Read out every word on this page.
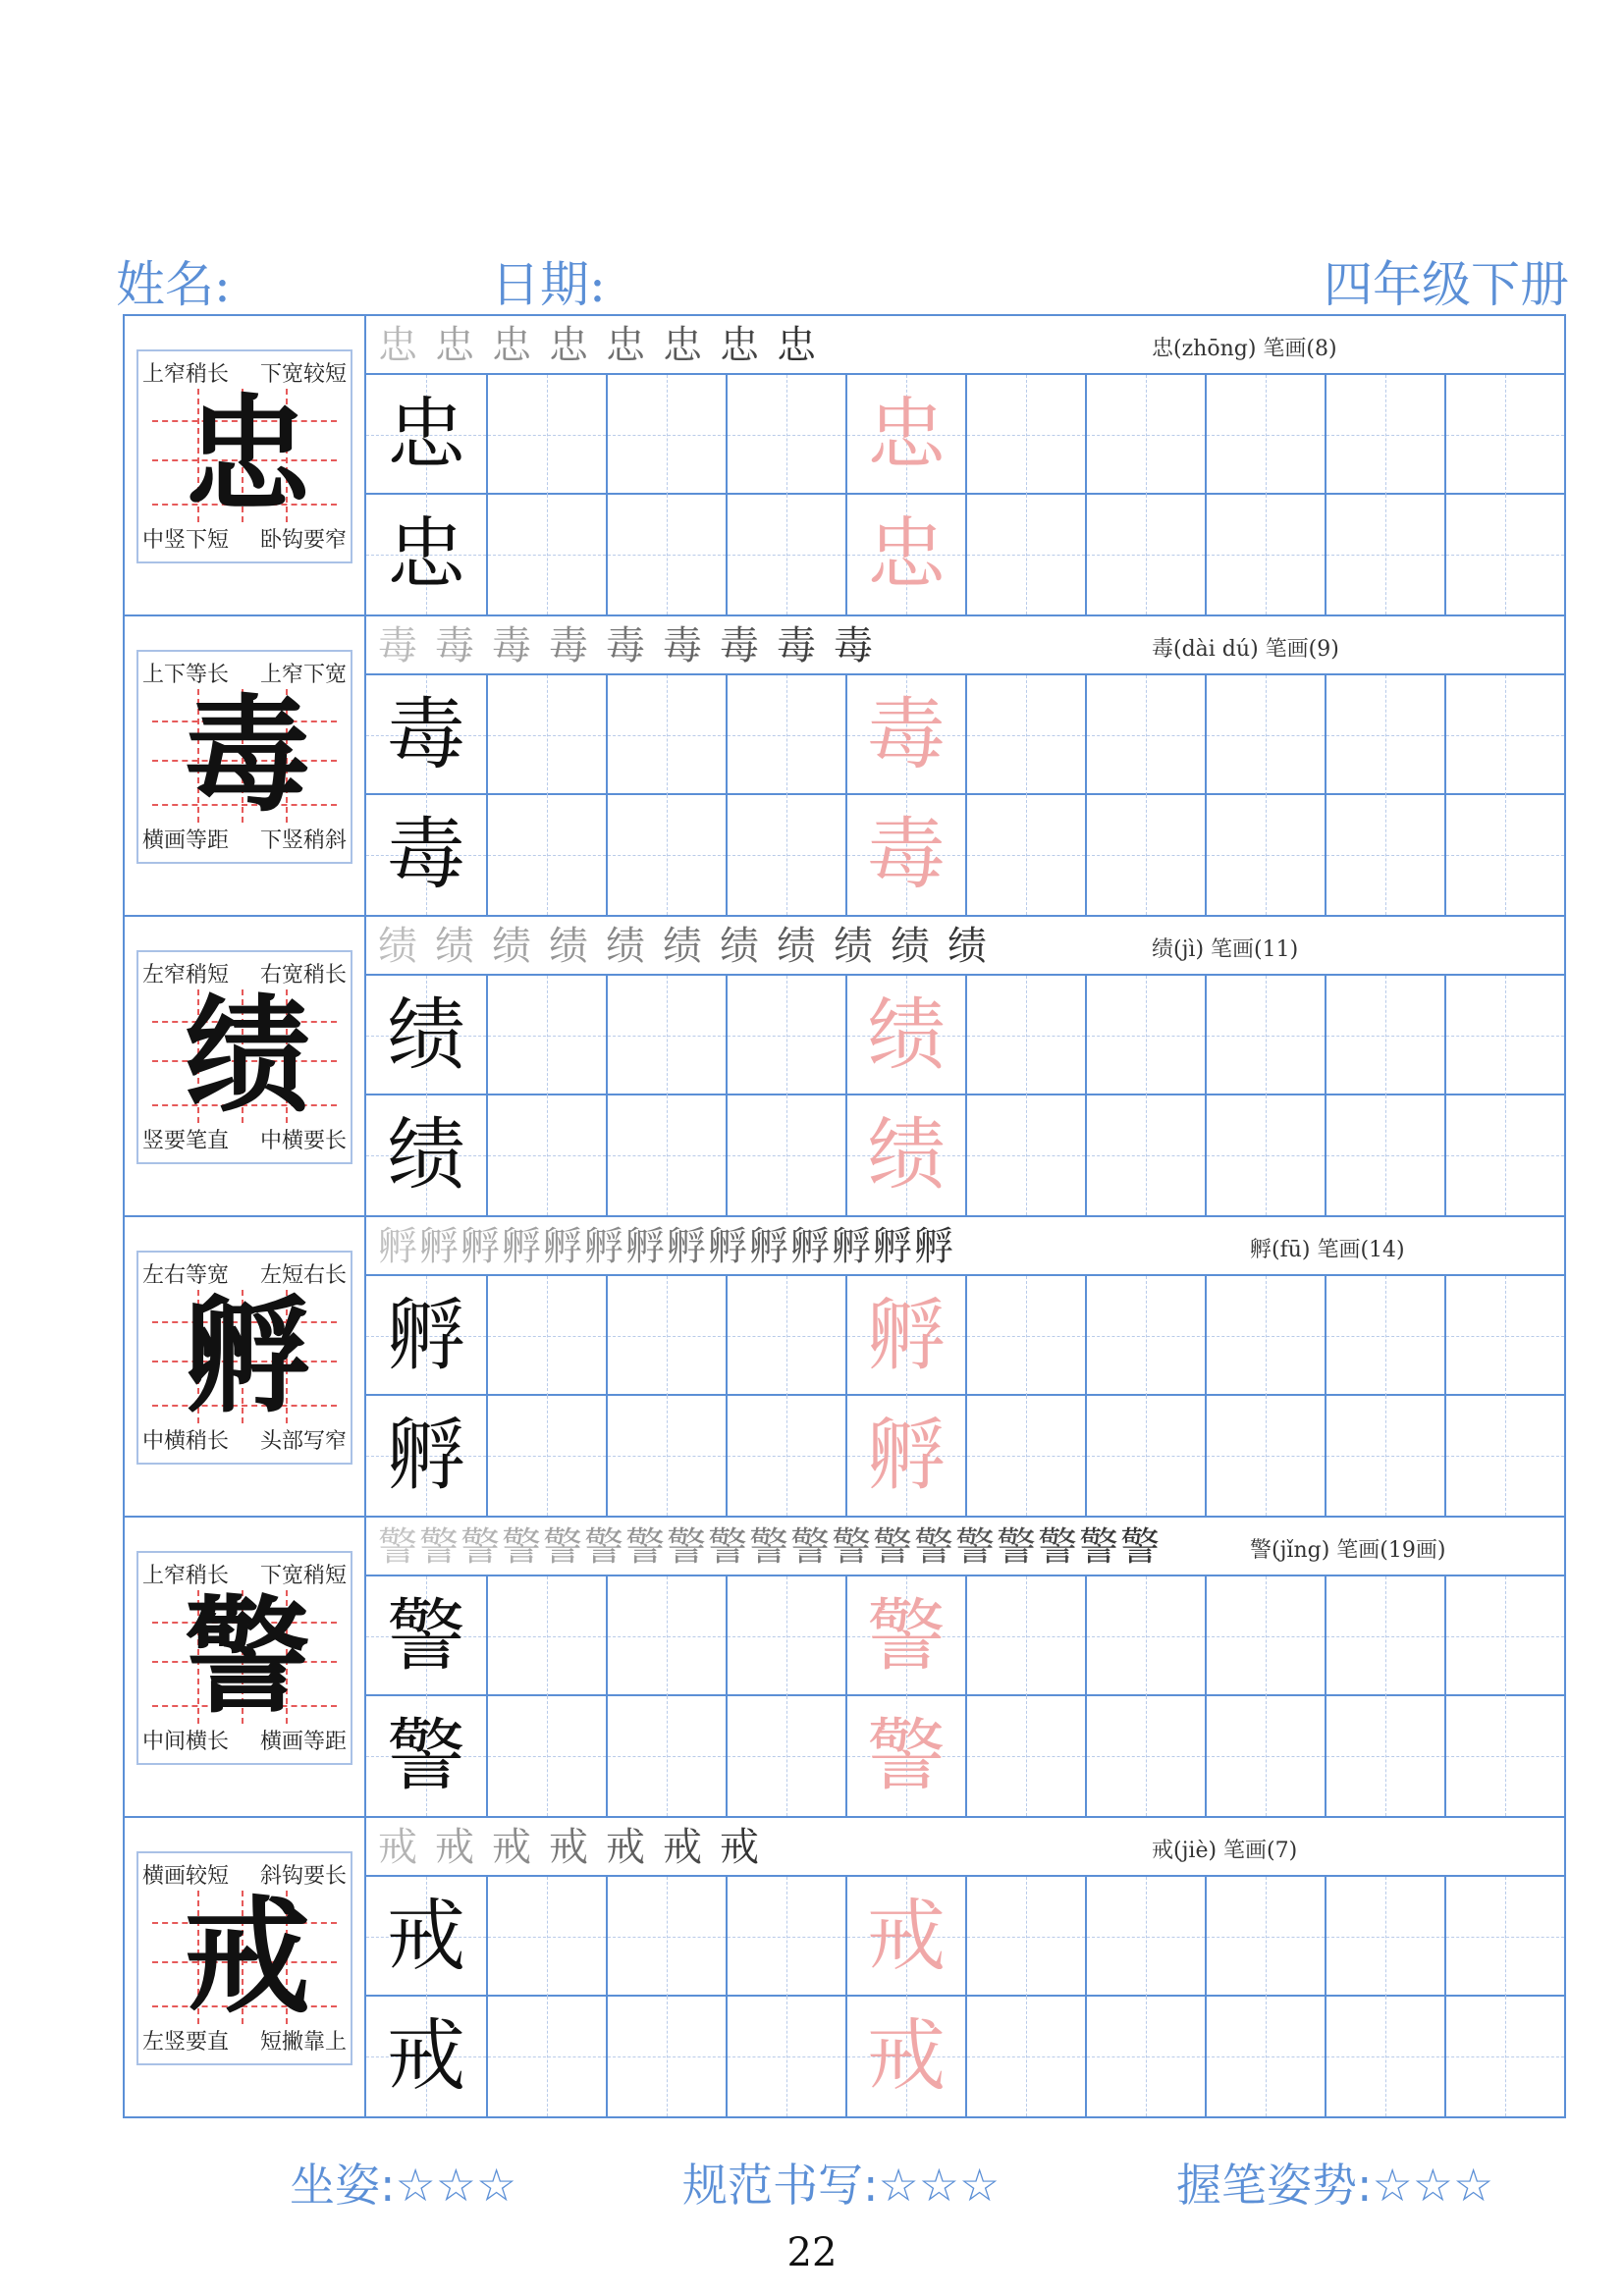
姓名:	日期:	四年级下册
上窄稍长 下宽较短
中竖下短 卧钩要窄
忠
忠 忠 忠 忠 忠 忠 忠 忠	忠(zhōng) 笔画(8)
忠	忠
忠	忠
上下等长 上窄下宽
横画等距 下竖稍斜
毒
毒 毒 毒 毒 毒 毒 毒 毒 毒	毒(dài dú) 笔画(9)
毒	毒
毒	毒
左窄稍短 右宽稍长
竖要笔直 中横要长
绩
绩 绩 绩 绩 绩 绩 绩 绩 绩 绩 绩	绩(jì) 笔画(11)
绩	绩
绩	绩
左右等宽 左短右长
中横稍长 头部写窄
孵
孵 孵 孵 孵 孵 孵 孵 孵 孵 孵 孵 孵 孵 孵	孵(fū) 笔画(14)
孵	孵
孵	孵
上窄稍长 下宽稍短
中间横长 横画等距
警
警 警 警 警 警 警 警 警 警 警 警 警 警 警 警 警 警 警 警	警(jǐng) 笔画(19画)
警	警
警	警
横画较短 斜钩要长
左竖要直 短撇靠上
戒
戒 戒 戒 戒 戒 戒 戒	戒(jiè) 笔画(7)
戒	戒
戒	戒
坐姿:☆☆☆	规范书写:☆☆☆	握笔姿势:☆☆☆
22
